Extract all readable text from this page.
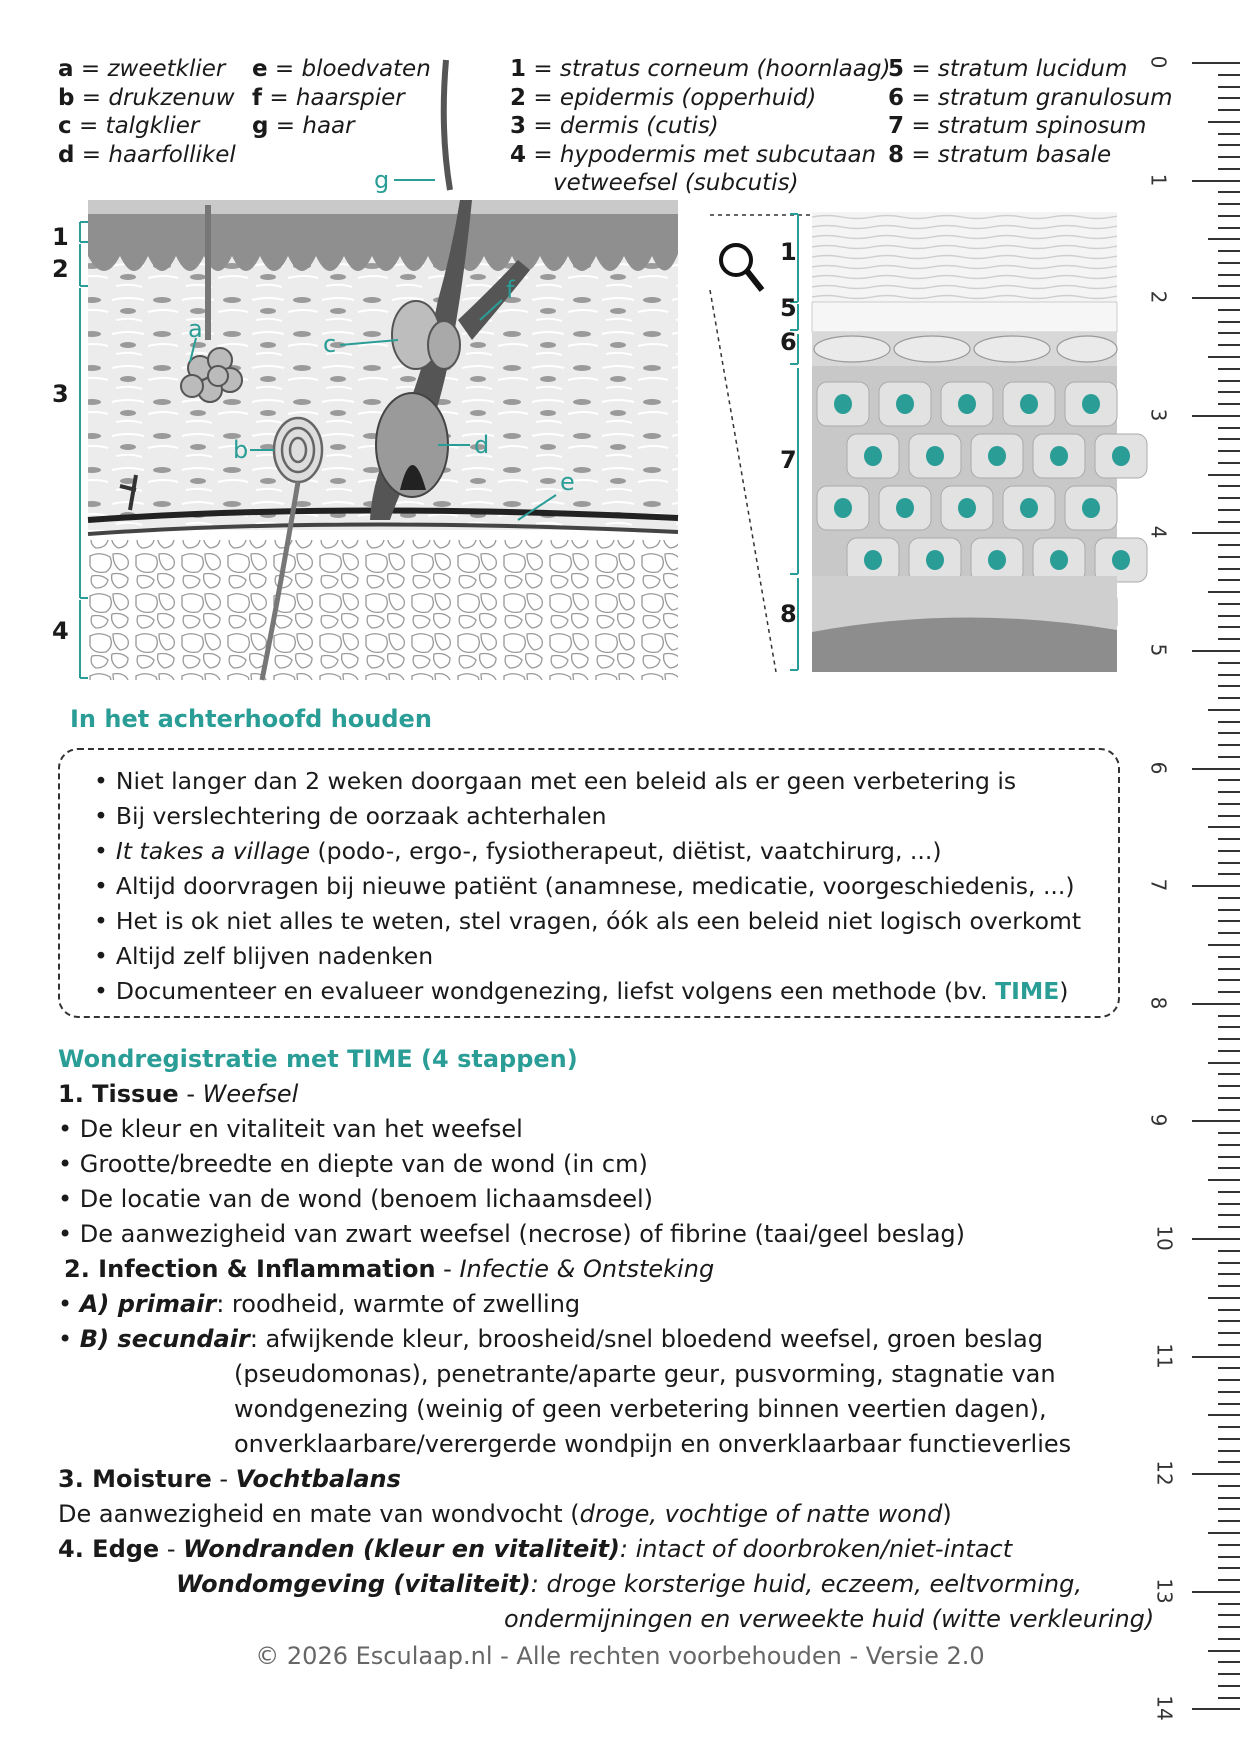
a = zweetklier
b = drukzenuw
c = talgklier
d = haarfollikel
e = bloedvaten
f = haarspier
g = haar
1 = stratus corneum (hoornlaag)
2 = epidermis (opperhuid)
3 = dermis (cutis)
4 = hypodermis met subcutaan
vetweefsel (subcutis)
5 = stratum lucidum
6 = stratum granulosum
7 = stratum spinosum
8 = stratum basale
a
b
c
d
e
f
g
1
2
3
4
1
5
6
7
8
In het achterhoofd houden
• Niet langer dan 2 weken doorgaan met een beleid als er geen verbetering is
• Bij verslechtering de oorzaak achterhalen
• It takes a village (podo-, ergo-, fysiotherapeut, diëtist, vaatchirurg, ...)
• Altijd doorvragen bij nieuwe patiënt (anamnese, medicatie, voorgeschiedenis, ...)
• Het is ok niet alles te weten, stel vragen, óók als een beleid niet logisch overkomt
• Altijd zelf blijven nadenken
• Documenteer en evalueer wondgenezing, liefst volgens een methode (bv. TIME)

Wondregistratie met TIME (4 stappen)

1. Tissue - Weefsel

• De kleur en vitaliteit van het weefsel

• Grootte/breedte en diepte van de wond (in cm)

• De locatie van de wond (benoem lichaamsdeel)

• De aanwezigheid van zwart weefsel (necrose) of fibrine (taai/geel beslag)

2. Infection & Inflammation - Infectie & Ontsteking

• A) primair: roodheid, warmte of zwelling

• B) secundair: afwijkende kleur, broosheid/snel bloedend weefsel, groen beslag

(pseudomonas), penetrante/aparte geur, pusvorming, stagnatie van

wondgenezing (weinig of geen verbetering binnen veertien dagen),

onverklaarbare/verergerde wondpijn en onverklaarbaar functieverlies

3. Moisture - Vochtbalans

De aanwezigheid en mate van wondvocht (droge, vochtige of natte wond)

4. Edge - Wondranden (kleur en vitaliteit): intact of doorbroken/niet-intact

Wondomgeving (vitaliteit): droge korsterige huid, eczeem, eeltvorming,

ondermijningen en verweekte huid (witte verkleuring)

© 2026 Esculaap.nl - Alle rechten voorbehouden - Versie 2.0
0
1
2
3
4
5
6
7
8
9
10
11
12
13
14
